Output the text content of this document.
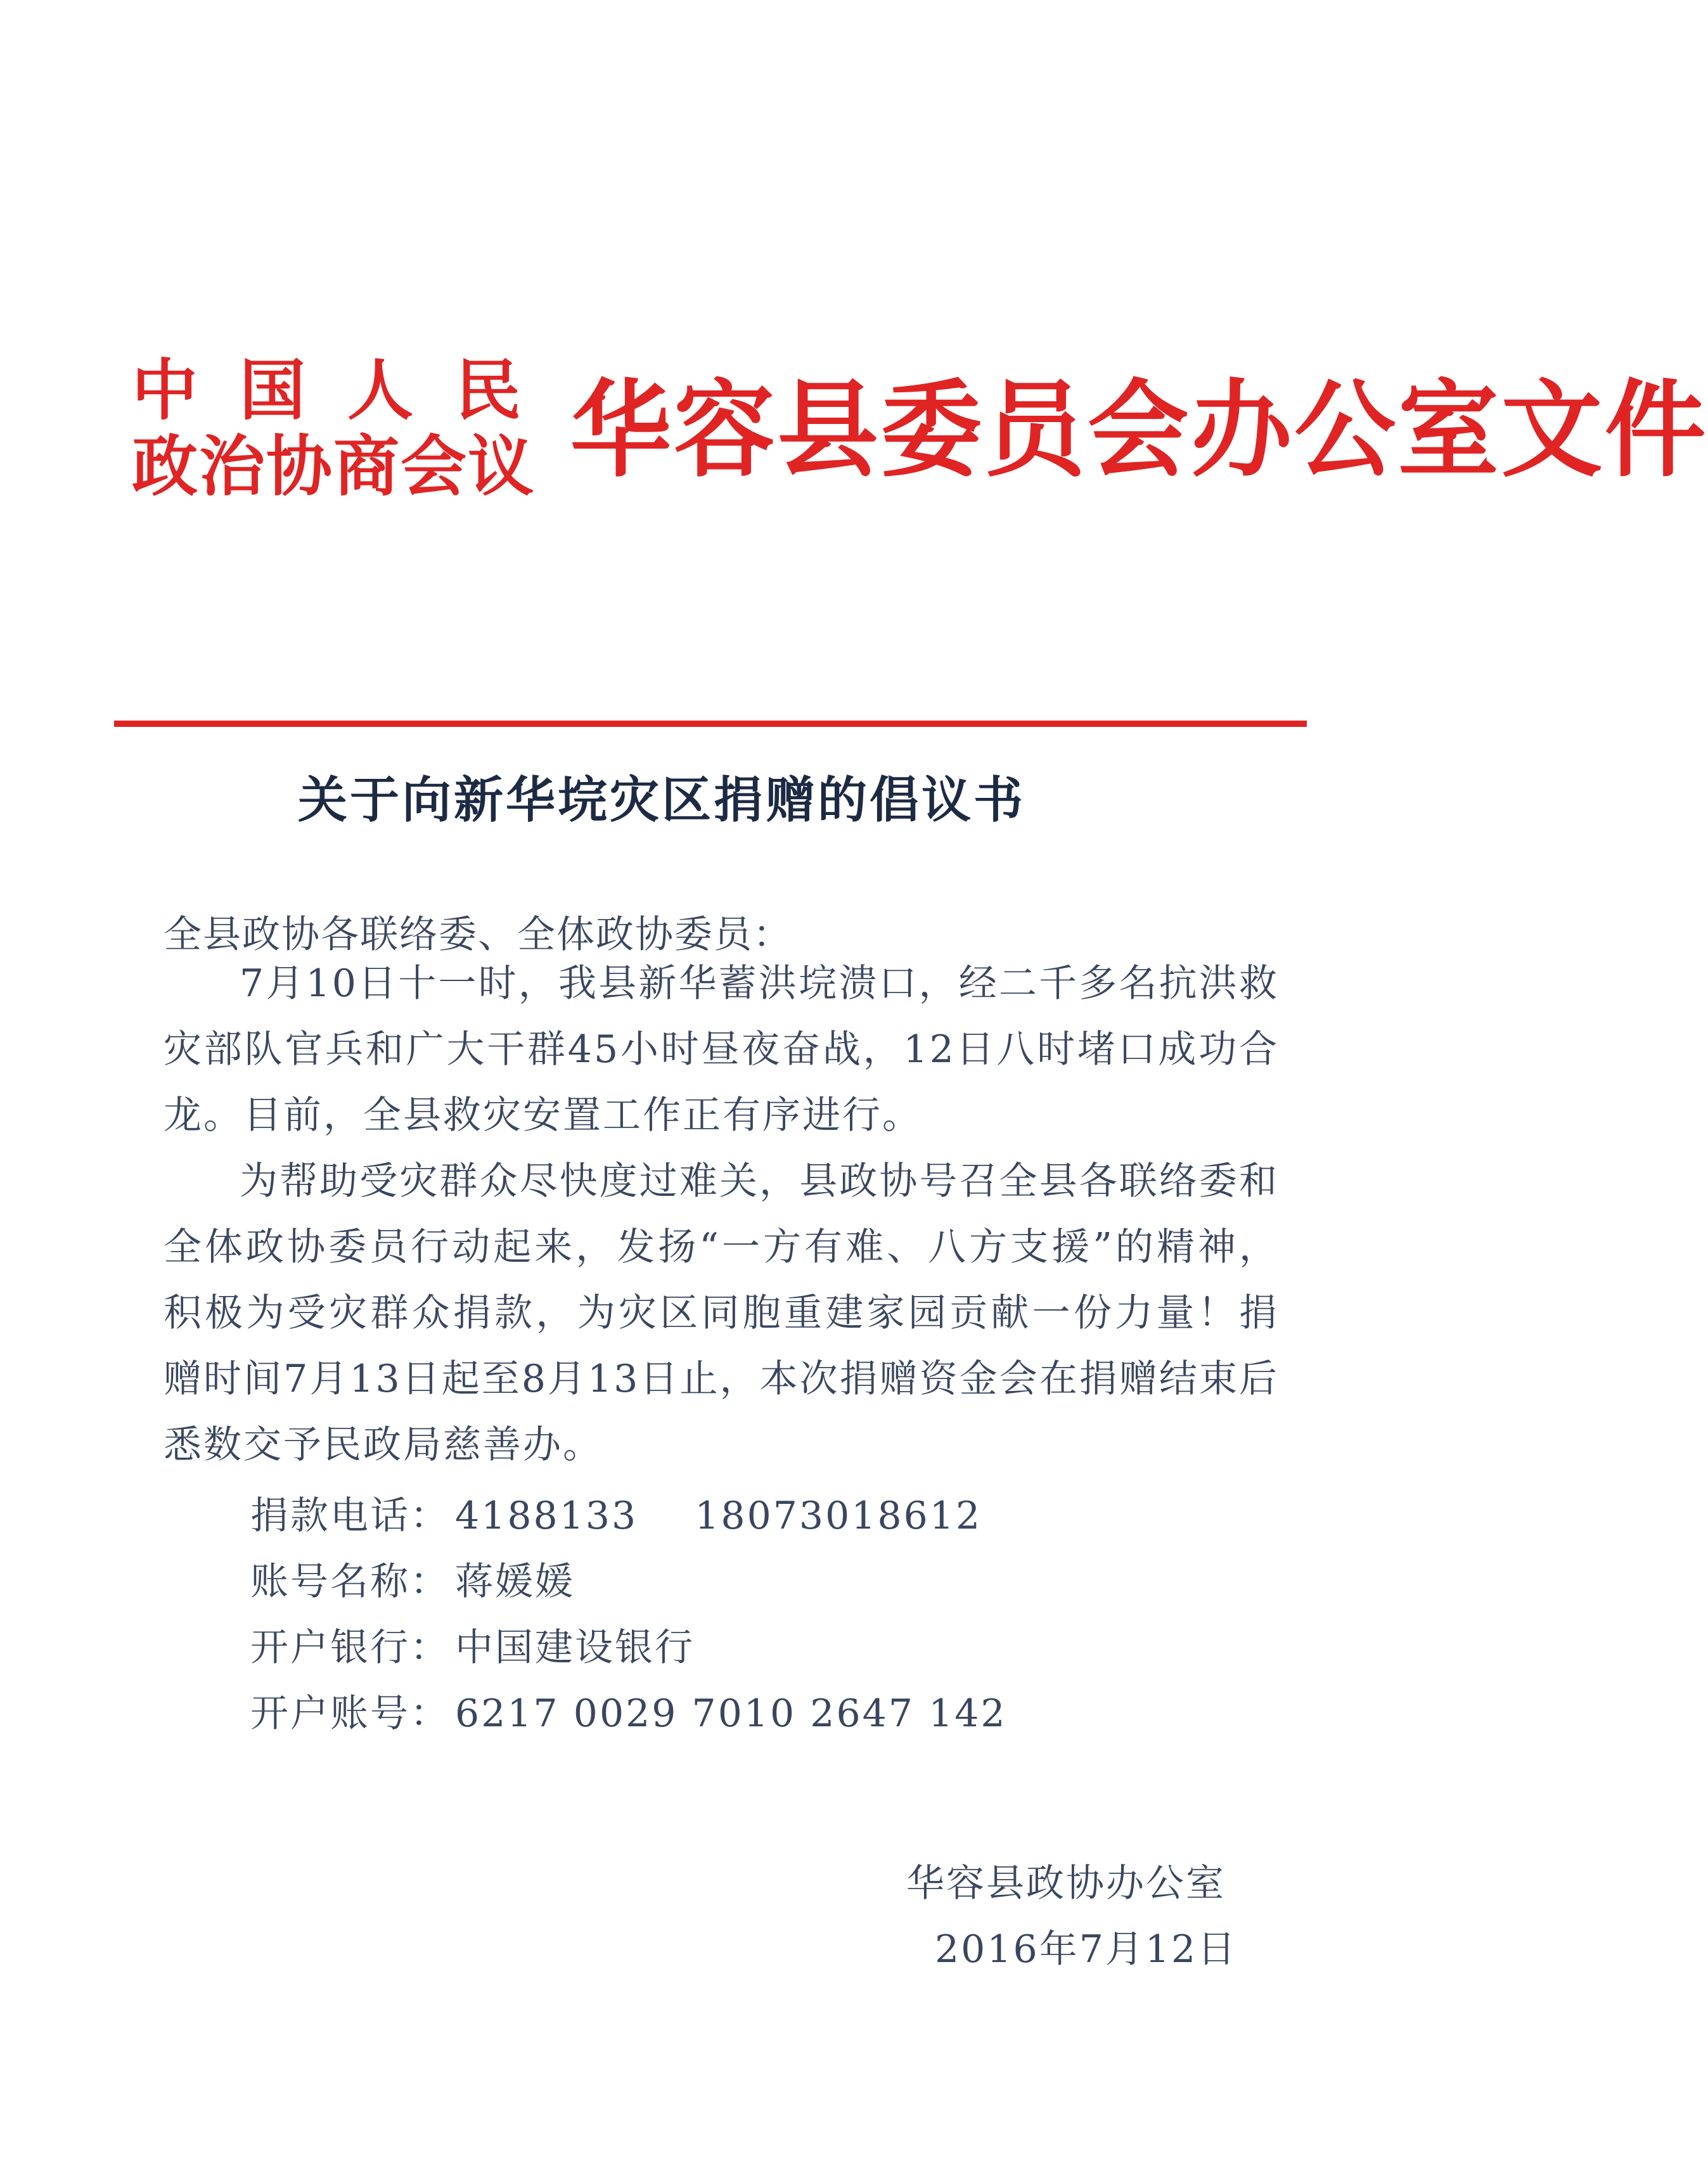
中国人民
政治协商会议 华容县委员会办公室文件
关于向新华垸灾区捐赠的倡议书
全县政协各联络委、全体政协委员：

7月10日十一时，我县新华蓄洪垸溃口，经二千多名抗洪救灾部队官兵和广大干群45小时昼夜奋战，12日八时堵口成功合龙。目前，全县救灾安置工作正有序进行。

为帮助受灾群众尽快度过难关，县政协号召全县各联络委和全体政协委员行动起来，发扬“一方有难、八方支援”的精神，积极为受灾群众捐款，为灾区同胞重建家园贡献一份力量！捐赠时间7月13日起至8月13日止，本次捐赠资金会在捐赠结束后悉数交予民政局慈善办。

捐款电话： 4188133 18073018612
账号名称： 蒋媛媛
开户银行： 中国建设银行
开户账号： 6217 0029 7010 2647 142
华容县政协办公室
2016年7月12日
